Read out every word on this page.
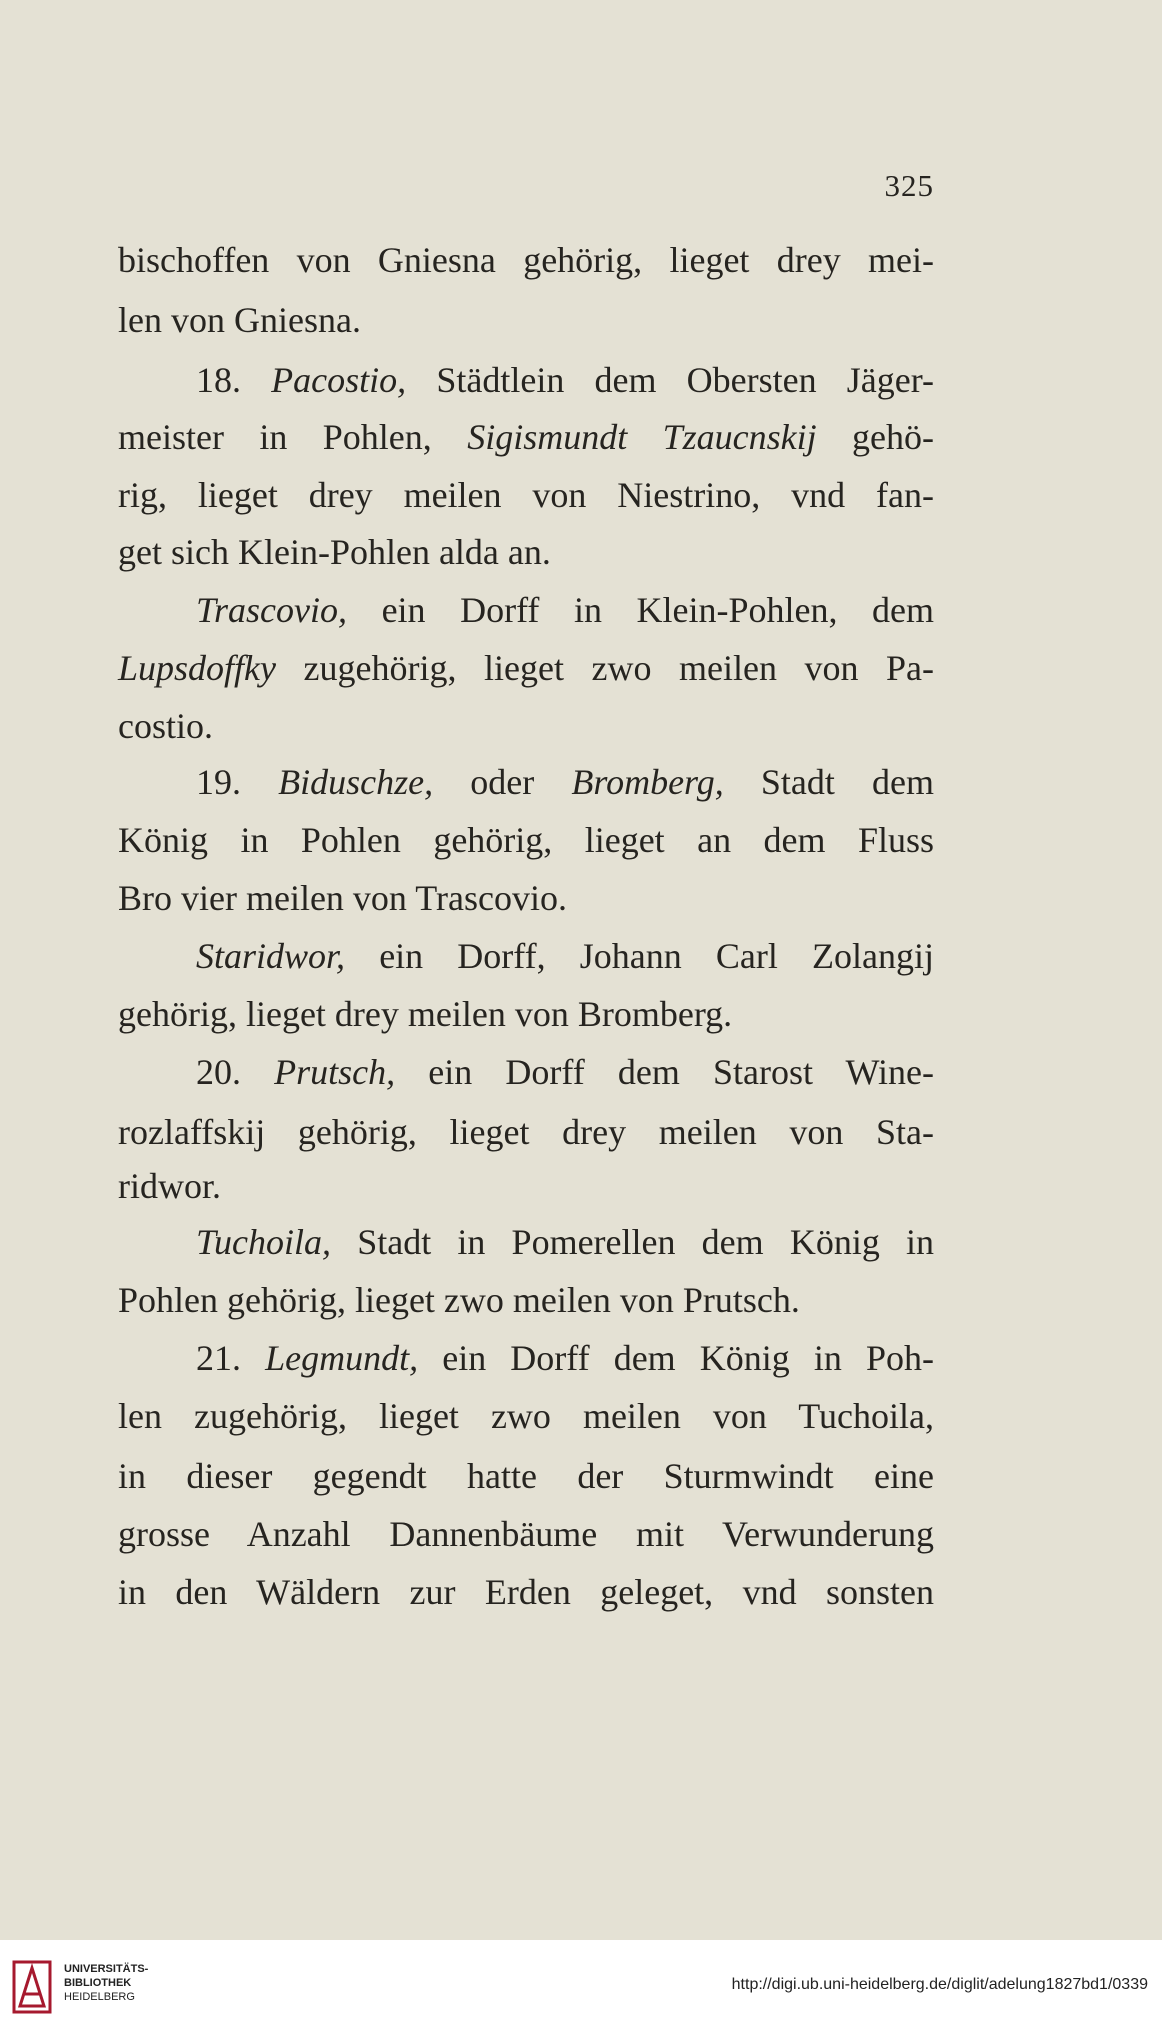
325
bischoffen von Gniesna gehörig, lieget drey mei-
len von Gniesna.
18. Pacostio, Städtlein dem Obersten Jäger-
meister in Pohlen, Sigismundt Tzaucnskij gehö-
rig, lieget drey meilen von Niestrino, vnd fan-
get sich Klein-Pohlen alda an.
Trascovio, ein Dorff in Klein-Pohlen, dem
Lupsdoffky zugehörig, lieget zwo meilen von Pa-
costio.
19. Biduschze, oder Bromberg, Stadt dem
König in Pohlen gehörig, lieget an dem Fluss
Bro vier meilen von Trascovio.
Staridwor, ein Dorff, Johann Carl Zolangij
gehörig, lieget drey meilen von Bromberg.
20. Prutsch, ein Dorff dem Starost Wine-
rozlaffskij gehörig, lieget drey meilen von Sta-
ridwor.
Tuchoila, Stadt in Pomerellen dem König in
Pohlen gehörig, lieget zwo meilen von Prutsch.
21. Legmundt, ein Dorff dem König in Poh-
len zugehörig, lieget zwo meilen von Tuchoila,
in dieser gegendt hatte der Sturmwindt eine
grosse Anzahl Dannenbäume mit Verwunderung
in den Wäldern zur Erden geleget, vnd sonsten
UNIVERSITÄTS-
BIBLIOTHEK
HEIDELBERG
http://digi.ub.uni-heidelberg.de/diglit/adelung1827bd1/0339
